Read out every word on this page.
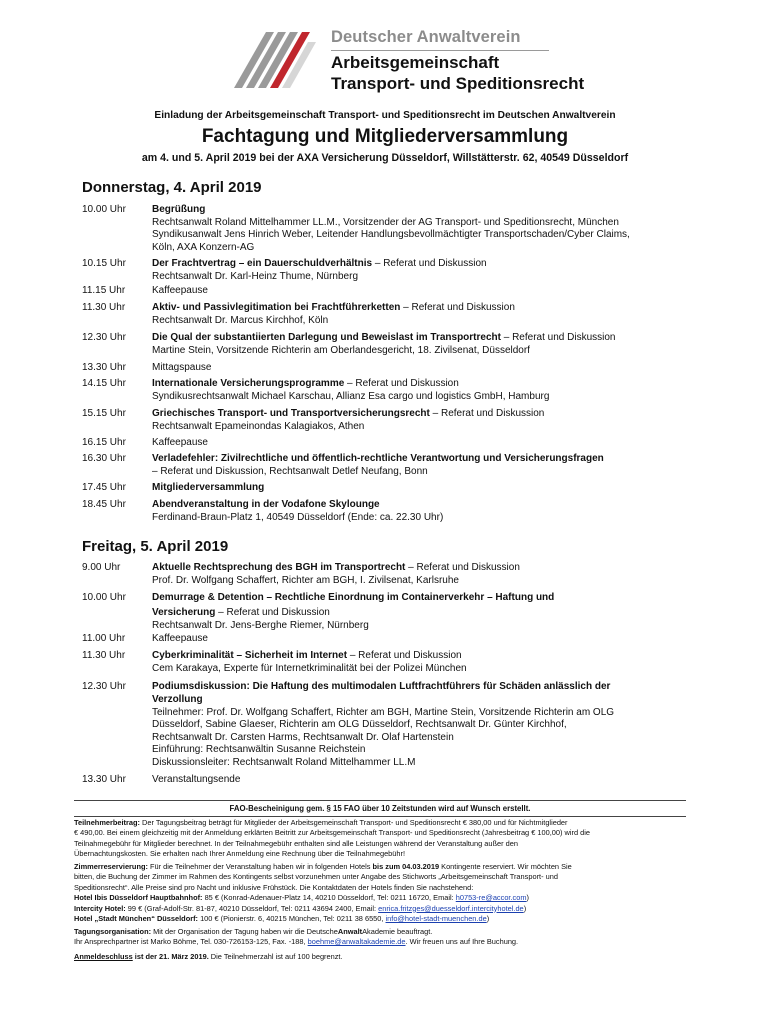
Deutscher Anwaltverein
Arbeitsgemeinschaft
Transport- und Speditionsrecht
Einladung der Arbeitsgemeinschaft Transport- und Speditionsrecht im Deutschen Anwaltverein
Fachtagung und Mitgliederversammlung
am 4. und 5. April 2019 bei der AXA Versicherung Düsseldorf, Willstätterstr. 62, 40549 Düsseldorf
Donnerstag, 4. April 2019
10.00 Uhr	Begrüßung
Rechtsanwalt Roland Mittelhammer LL.M., Vorsitzender der AG Transport- und Speditionsrecht, München
Syndikusanwalt Jens Hinrich Weber, Leitender Handlungsbevollmächtigter Transportschaden/Cyber Claims,
Köln, AXA Konzern-AG
10.15 Uhr	Der Frachtvertrag – ein Dauerschuldverhältnis – Referat und Diskussion
Rechtsanwalt Dr. Karl-Heinz Thume, Nürnberg
11.15 Uhr	Kaffeepause
11.30 Uhr	Aktiv- und Passivlegitimation bei Frachtführerketten – Referat und Diskussion
Rechtsanwalt Dr. Marcus Kirchhof, Köln
12.30 Uhr	Die Qual der substantiierten Darlegung und Beweislast im Transportrecht – Referat und Diskussion
Martine Stein, Vorsitzende Richterin am Oberlandesgericht, 18. Zivilsenat, Düsseldorf
13.30 Uhr	Mittagspause
14.15 Uhr	Internationale Versicherungsprogramme – Referat und Diskussion
Syndikusrechtsanwalt Michael Karschau, Allianz Esa cargo und logistics GmbH, Hamburg
15.15 Uhr	Griechisches Transport- und Transportversicherungsrecht – Referat und Diskussion
Rechtsanwalt Epameinondas Kalagiakos, Athen
16.15 Uhr	Kaffeepause
16.30 Uhr	Verladefehler: Zivilrechtliche und öffentlich-rechtliche Verantwortung und Versicherungsfragen
– Referat und Diskussion, Rechtsanwalt Detlef Neufang, Bonn
17.45 Uhr	Mitgliederversammlung
18.45 Uhr	Abendveranstaltung in der Vodafone Skylounge
Ferdinand-Braun-Platz 1, 40549 Düsseldorf (Ende: ca. 22.30 Uhr)
Freitag, 5. April 2019
9.00 Uhr	Aktuelle Rechtsprechung des BGH im Transportrecht – Referat und Diskussion
Prof. Dr. Wolfgang Schaffert, Richter am BGH, I. Zivilsenat, Karlsruhe
10.00 Uhr	Demurrage & Detention – Rechtliche Einordnung im Containerverkehr – Haftung und
Versicherung – Referat und Diskussion
Rechtsanwalt Dr. Jens-Berghe Riemer, Nürnberg
11.00 Uhr	Kaffeepause
11.30 Uhr	Cyberkriminalität – Sicherheit im Internet – Referat und Diskussion
Cem Karakaya, Experte für Internetkriminalität bei der Polizei München
12.30 Uhr	Podiumsdiskussion: Die Haftung des multimodalen Luftfrachtführers für Schäden anlässlich der
Verzollung
Teilnehmer: Prof. Dr. Wolfgang Schaffert, Richter am BGH, Martine Stein, Vorsitzende Richterin am OLG
Düsseldorf, Sabine Glaeser, Richterin am OLG Düsseldorf, Rechtsanwalt Dr. Günter Kirchhof,
Rechtsanwalt Dr. Carsten Harms, Rechtsanwalt Dr. Olaf Hartenstein
Einführung: Rechtsanwältin Susanne Reichstein
Diskussionsleiter: Rechtsanwalt Roland Mittelhammer LL.M
13.30 Uhr	Veranstaltungsende
FAO-Bescheinigung gem. § 15 FAO über 10 Zeitstunden wird auf Wunsch erstellt.
Teilnehmerbeitrag: Der Tagungsbeitrag beträgt für Mitglieder der Arbeitsgemeinschaft Transport- und Speditionsrecht € 380,00 und für Nichtmitglieder
€ 490,00. Bei einem gleichzeitig mit der Anmeldung erklärten Beitritt zur Arbeitsgemeinschaft Transport- und Speditionsrecht (Jahresbeitrag € 100,00) wird die
Teilnahmegebühr für Mitglieder berechnet. In der Teilnahmegebühr enthalten sind alle Leistungen während der Veranstaltung außer den
Übernachtungskosten. Sie erhalten nach Ihrer Anmeldung eine Rechnung über die Teilnahmegebühr!
Zimmerreservierung: Für die Teilnehmer der Veranstaltung haben wir in folgenden Hotels bis zum 04.03.2019 Kontingente reserviert. Wir möchten Sie
bitten, die Buchung der Zimmer im Rahmen des Kontingents selbst vorzunehmen unter Angabe des Stichworts „Arbeitsgemeinschaft Transport- und
Speditionsrecht“. Alle Preise sind pro Nacht und inklusive Frühstück. Die Kontaktdaten der Hotels finden Sie nachstehend:
Hotel Ibis Düsseldorf Hauptbahnhof: 85 € (Konrad-Adenauer-Platz 14, 40210 Düsseldorf, Tel: 0211 16720, Email: h0753-re@accor.com)
Intercity Hotel: 99 € (Graf-Adolf-Str. 81-87, 40210 Düsseldorf, Tel: 0211 43694 2400, Email: enrica.fritzges@duesseldorf.intercityhotel.de)
Hotel „Stadt München“ Düsseldorf: 100 € (Pionierstr. 6, 40215 München, Tel: 0211 38 6550, info@hotel-stadt-muenchen.de)
Tagungsorganisation: Mit der Organisation der Tagung haben wir die DeutscheAnwaltAkademie beauftragt.
Ihr Ansprechpartner ist Marko Böhme, Tel. 030-726153-125, Fax. -188, boehme@anwaltakademie.de. Wir freuen uns auf Ihre Buchung.
Anmeldeschluss ist der 21. März 2019. Die Teilnehmerzahl ist auf 100 begrenzt.
